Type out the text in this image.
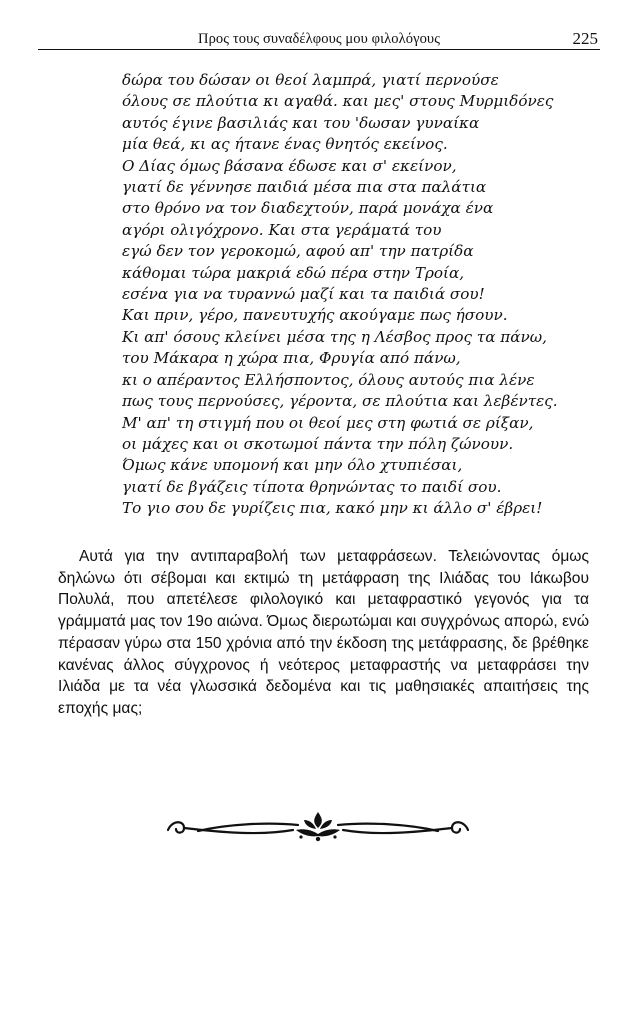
Προς τους συναδέλφους μου φιλολόγους	225
δώρα του δώσαν οι θεοί λαμπρά, γιατί περνούσε
όλους σε πλούτια κι αγαθά. και μες' στους Μυρμιδόνες
αυτός έγινε βασιλιάς και του 'δωσαν γυναίκα
μία θεά, κι ας ήτανε ένας θνητός εκείνος.
Ο Δίας όμως βάσανα έδωσε και σ' εκείνον,
γιατί δε γέννησε παιδιά μέσα πια στα παλάτια
στο θρόνο να τον διαδεχτούν, παρά μονάχα ένα
αγόρι ολιγόχρονο. Και στα γεράματά του
εγώ δεν τον γεροκομώ, αφού απ' την πατρίδα
κάθομαι τώρα μακριά εδώ πέρα στην Τροία,
εσένα για να τυραννώ μαζί και τα παιδιά σου!
Και πριν, γέρο, πανευτυχής ακούγαμε πως ήσουν.
Κι απ' όσους κλείνει μέσα της η Λέσβος προς τα πάνω,
του Μάκαρα η χώρα πια, Φρυγία από πάνω,
κι ο απέραντος Ελλήσποντος, όλους αυτούς πια λένε
πως τους περνούσες, γέροντα, σε πλούτια και λεβέντες.
Μ' απ' τη στιγμή που οι θεοί μες στη φωτιά σε ρίξαν,
οι μάχες και οι σκοτωμοί πάντα την πόλη ζώνουν.
Όμως κάνε υπομονή και μην όλο χτυπιέσαι,
γιατί δε βγάζεις τίποτα θρηνώντας το παιδί σου.
Το γιο σου δε γυρίζεις πια, κακό μην κι άλλο σ' έβρει!

Αυτά για την αντιπαραβολή των μεταφράσεων. Τελειώνοντας όμως δηλώνω ότι σέβομαι και εκτιμώ τη μετάφραση της Ιλιάδας του Ιάκωβου Πολυλά, που απετέλεσε φιλολογικό και μεταφραστικό γεγονός για τα γράμματά μας τον 19ο αιώνα. Όμως διερωτώμαι και συγχρόνως απορώ, ενώ πέρασαν γύρω στα 150 χρόνια από την έκδοση της μετάφρασης, δε βρέθηκε κανένας άλλος σύγχρονος ή νεότερος μεταφραστής να μεταφράσει την Ιλιάδα με τα νέα γλωσσικά δεδομένα και τις μαθησιακές απαιτήσεις της εποχής μας;
